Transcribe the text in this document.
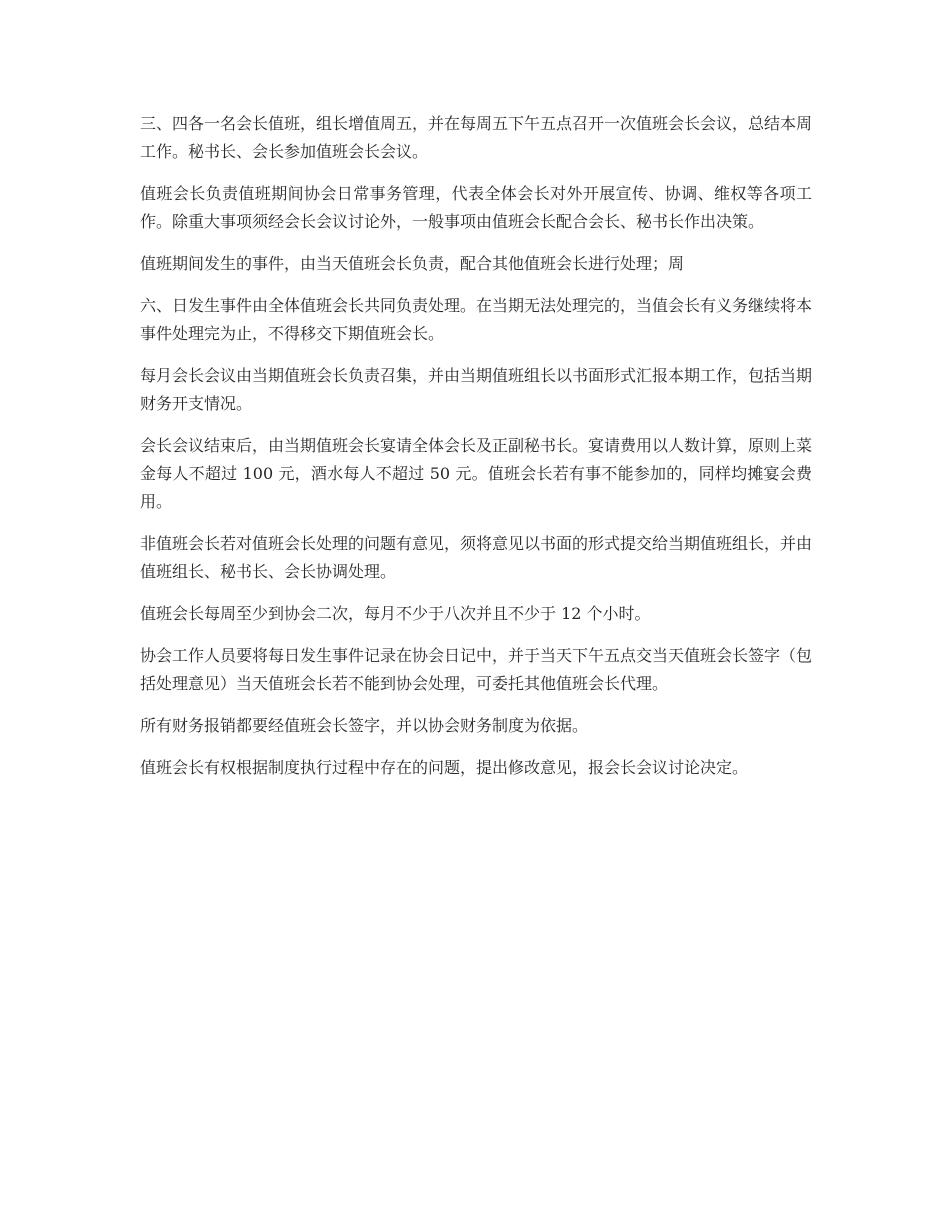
三、四各一名会长值班，组长增值周五，并在每周五下午五点召开一次值班会长会议，总结本周工作。秘书长、会长参加值班会长会议。

值班会长负责值班期间协会日常事务管理，代表全体会长对外开展宣传、协调、维权等各项工作。除重大事项须经会长会议讨论外，一般事项由值班会长配合会长、秘书长作出决策。

值班期间发生的事件，由当天值班会长负责，配合其他值班会长进行处理；周

六、日发生事件由全体值班会长共同负责处理。在当期无法处理完的，当值会长有义务继续将本事件处理完为止，不得移交下期值班会长。

每月会长会议由当期值班会长负责召集，并由当期值班组长以书面形式汇报本期工作，包括当期财务开支情况。

会长会议结束后，由当期值班会长宴请全体会长及正副秘书长。宴请费用以人数计算，原则上菜金每人不超过 100 元，酒水每人不超过 50 元。值班会长若有事不能参加的，同样均摊宴会费用。

非值班会长若对值班会长处理的问题有意见，须将意见以书面的形式提交给当期值班组长，并由值班组长、秘书长、会长协调处理。

值班会长每周至少到协会二次，每月不少于八次并且不少于 12 个小时。

协会工作人员要将每日发生事件记录在协会日记中，并于当天下午五点交当天值班会长签字（包括处理意见）当天值班会长若不能到协会处理，可委托其他值班会长代理。

所有财务报销都要经值班会长签字，并以协会财务制度为依据。

值班会长有权根据制度执行过程中存在的问题，提出修改意见，报会长会议讨论决定。
